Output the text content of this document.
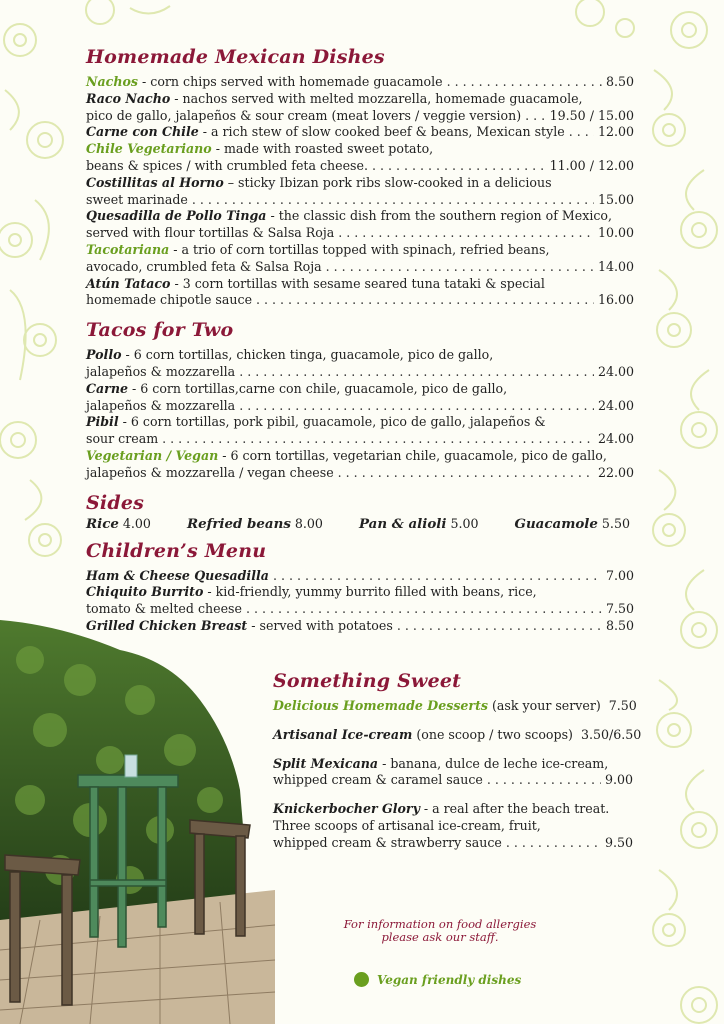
Homemade Mexican Dishes
Nachos - corn chips served with homemade guacamole . . .	8.50
Raco Nacho - nachos served with melted mozzarella, homemade guacamole,
pico de gallo, jalapeños & sour cream (meat lovers / veggie version) . . . 19.50 / 15.00
Carne con Chile - a rich stew of slow cooked beef & beans, Mexican style . . .	12.00
Chile Vegetariano - made with roasted sweet potato,
beans & spices / with crumbled feta cheese. . . .	11.00 / 12.00
Costillitas al Horno – sticky Ibizan pork ribs slow-cooked in a delicious
sweet marinade . . .	15.00
Quesadilla de Pollo Tinga - the classic dish from the southern region of Mexico,
served with flour tortillas & Salsa Roja . . .	10.00
Tacotariana - a trio of corn tortillas topped with spinach, refried beans,
avocado, crumbled feta & Salsa Roja . . .	14.00
Atún Tataco - 3 corn tortillas with sesame seared tuna tataki & special
homemade chipotle sauce . . .	16.00
Tacos for Two
Pollo - 6 corn tortillas, chicken tinga, guacamole, pico de gallo,
jalapeños & mozzarella . . .	24.00
Carne - 6 corn tortillas,carne con chile, guacamole, pico de gallo,
jalapeños & mozzarella . . .	24.00
Pibil - 6 corn tortillas, pork pibil, guacamole, pico de gallo, jalapeños &
sour cream . . .	24.00
Vegetarian / Vegan - 6 corn tortillas, vegetarian chile, guacamole, pico de gallo,
jalapeños & mozzarella / vegan cheese . . .	22.00
Sides
Rice 4.00	Refried beans 8.00	Pan & alioli 5.00	Guacamole 5.50
Children’s Menu
Ham & Cheese Quesadilla . . .	7.00
Chiquito Burrito - kid-friendly, yummy burrito filled with beans, rice,
tomato & melted cheese . . .	7.50
Grilled Chicken Breast - served with potatoes . . .	8.50
Something Sweet
Delicious Homemade Desserts (ask your server) 7.50
Artisanal Ice-cream (one scoop / two scoops) 3.50/6.50
Split Mexicana - banana, dulce de leche ice-cream,
whipped cream & caramel sauce . . .	9.00
Knickerbocher Glory - a real after the beach treat.
Three scoops of artisanal ice-cream, fruit,
whipped cream & strawberry sauce . . .	9.50
For information on food allergies
please ask our staff.
Vegan friendly dishes
